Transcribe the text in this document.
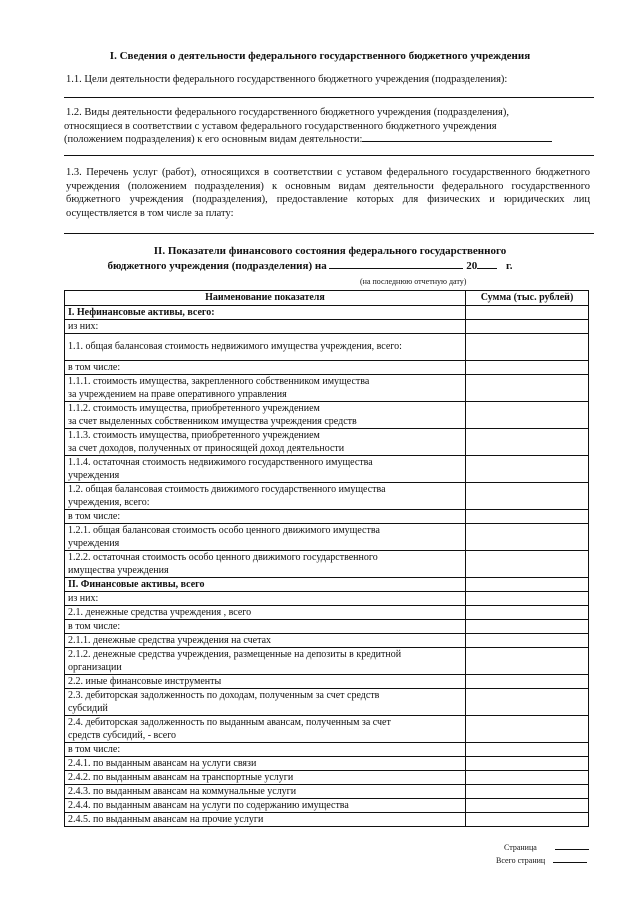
I. Сведения о деятельности федерального государственного бюджетного учреждения
1.1. Цели деятельности федерального государственного бюджетного учреждения (подразделения):
1.2. Виды деятельности федерального государственного бюджетного учреждения (подразделения),
относящиеся в соответствии с уставом федерального государственного бюджетного учреждения
(положением подразделения) к его основным видам деятельности:
1.3. Перечень услуг (работ), относящихся в соответствии с уставом федерального государственного бюджетного учреждения (положением подразделения) к основным видам деятельности федерального государственного бюджетного учреждения (подразделения), предоставление которых для физических и юридических лиц осуществляется в том числе за плату:
II. Показатели финансового состояния федерального государственного
бюджетного учреждения (подразделения) на	20	г.
(на последнюю отчетную дату)
Наименование показателя	Сумма (тыс. рублей)

I. Нефинансовые активы, всего:	

из них:	

1.1. общая балансовая стоимость недвижимого имущества учреждения, всего:	

в том числе:	

1.1.1. стоимость имущества, закрепленного собственником имущества
за учреждением на праве оперативного управления	

1.1.2. стоимость имущества, приобретенного учреждением
за счет выделенных собственником имущества учреждения средств	

1.1.3. стоимость имущества, приобретенного учреждением
за счет доходов, полученных от приносящей доход деятельности	

1.1.4. остаточная стоимость недвижимого государственного имущества
учреждения	

1.2. общая балансовая стоимость движимого государственного имущества
учреждения, всего:	

в том числе:	

1.2.1. общая балансовая стоимость особо ценного движимого имущества
учреждения	

1.2.2. остаточная стоимость особо ценного движимого государственного
имущества учреждения	

II. Финансовые активы, всего	

из них:	

2.1. денежные средства учреждения , всего	

в том числе:	

2.1.1. денежные средства учреждения на счетах	

2.1.2. денежные средства учреждения, размещенные на депозиты в кредитной
организации	

2.2. иные финансовые инструменты	

2.3. дебиторская задолженность по доходам, полученным за счет средств
субсидий	

2.4. дебиторская задолженность по выданным авансам, полученным за счет
средств субсидий, - всего	

в том числе:	

2.4.1. по выданным авансам на услуги связи	

2.4.2. по выданным авансам на транспортные услуги	

2.4.3. по выданным авансам на коммунальные услуги	

2.4.4. по выданным авансам на услуги по содержанию имущества	

2.4.5. по выданным авансам на прочие услуги	

Страница
Всего страниц
